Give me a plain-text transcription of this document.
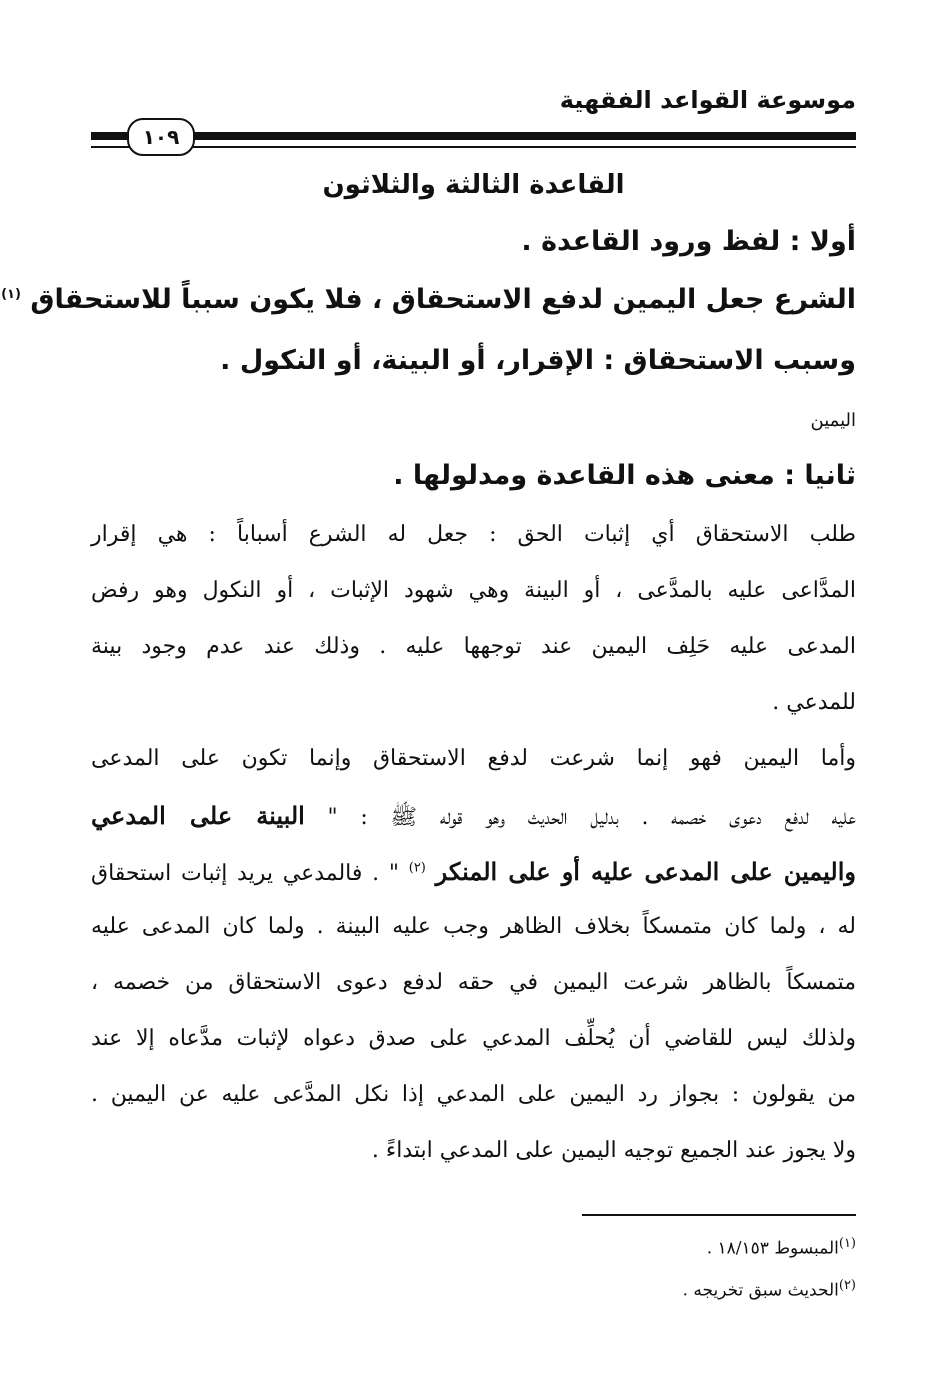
موسوعة القواعد الفقهية
١٠٩
القاعدة الثالثة والثلاثون
أولا : لفظ ورود القاعدة .
الشرع جعل اليمين لدفع الاستحقاق ، فلا يكون سبباً للاستحقاق $^{(١)}$
وسبب الاستحقاق : الإقرار، أو البينة، أو النكول .
اليمين
ثانيا : معنى هذه القاعدة ومدلولها .
طلب الاستحقاق أي إثبات الحق : جعل له الشرع أسباباً : هي إقرار
المدَّاعى عليه بالمدَّعى ، أو البينة وهي شهود الإثبات ، أو النكول وهو رفض
المدعى عليه حَلِف اليمين عند توجهها عليه . وذلك عند عدم وجود بينة
للمدعي .
وأما اليمين فهو إنما شرعت لدفع الاستحقاق وإنما تكون على المدعى
عليه لدفع دعوى خصمه . بدليل الحديث وهو قوله ﷺ : " البينة على المدعي
واليمين على المدعى عليه أو على المنكر $^{(٢)}$ " . فالمدعي يريد إثبات استحقاق
له ، ولما كان متمسكاً بخلاف الظاهر وجب عليه البينة . ولما كان المدعى عليه
متمسكاً بالظاهر شرعت اليمين في حقه لدفع دعوى الاستحقاق من خصمه ،
ولذلك ليس للقاضي أن يُحلِّف المدعي على صدق دعواه لإثبات مدَّعاه إلا عند
من يقولون : بجواز رد اليمين على المدعي إذا نكل المدَّعى عليه عن اليمين .
ولا يجوز عند الجميع توجيه اليمين على المدعي ابتداءً .
$^{(١)}$المبسوط ١٨/١٥٣ .
$^{(٢)}$الحديث سبق تخريجه .
